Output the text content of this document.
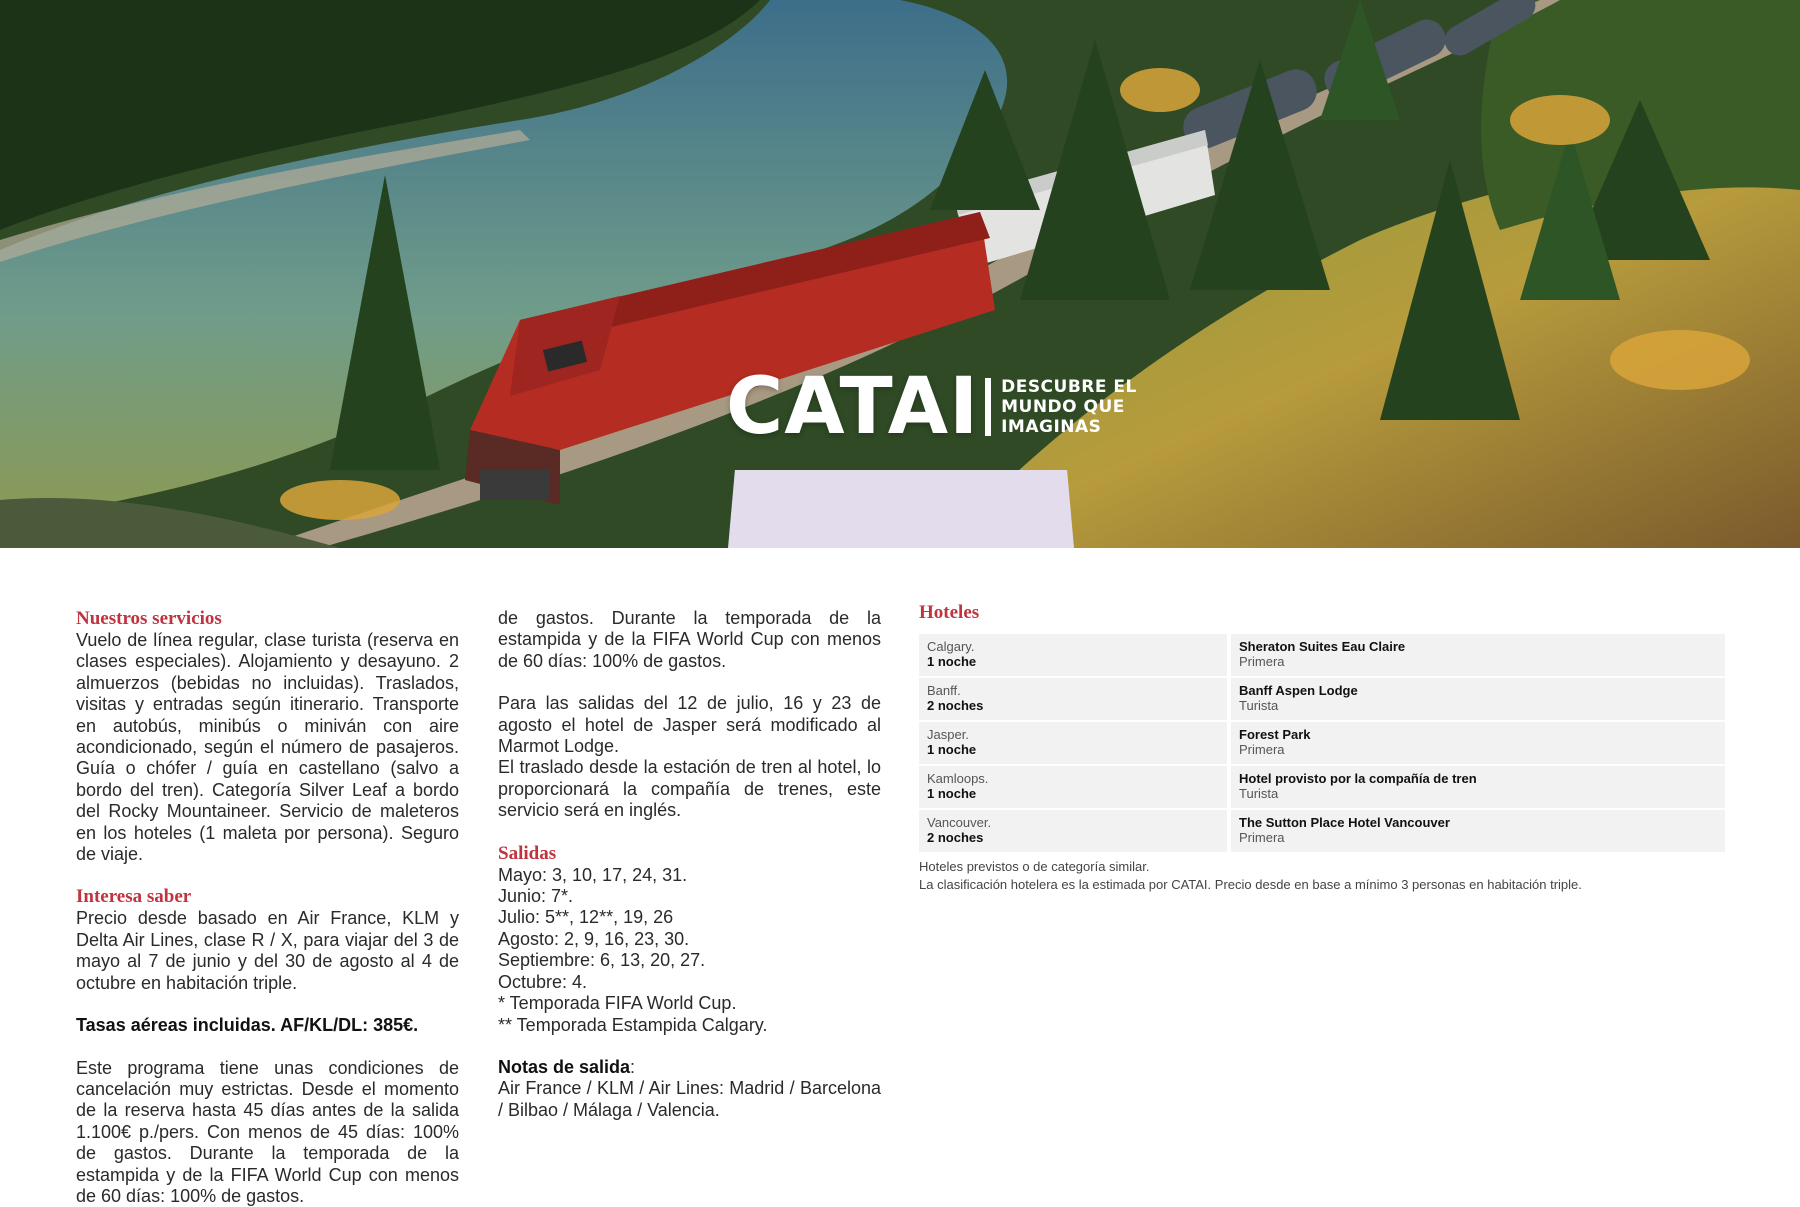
CATAI DESCUBRE EL
MUNDO QUE
IMAGINAS

Nuestros servicios

Vuelo de línea regular, clase turista (reserva en clases especiales). Alojamiento y desayuno. 2 almuerzos (bebidas no incluidas). Traslados, visitas y entradas según itinerario. Transporte en autobús, minibús o miniván con aire acondicionado, según el número de pasajeros. Guía o chófer / guía en castellano (salvo a bordo del tren). Categoría Silver Leaf a bordo del Rocky Mountaineer. Servicio de maleteros en los hoteles (1 maleta por persona). Seguro de viaje.

Interesa saber

Precio desde basado en Air France, KLM y Delta Air Lines, clase R / X, para viajar del 3 de mayo al 7 de junio y del 30 de agosto al 4 de octubre en habitación triple.

Tasas aéreas incluidas. AF/KL/DL: 385€.

Este programa tiene unas condiciones de cancelación muy estrictas. Desde el momento de la reserva hasta 45 días antes de la salida 1.100€ p./pers. Con menos de 45 días: 100% de gastos. Durante la temporada de la estampida y de la FIFA World Cup con menos de 60 días: 100% de gastos.

de gastos. Durante la temporada de la estampida y de la FIFA World Cup con menos de 60 días: 100% de gastos.

Para las salidas del 12 de julio, 16 y 23 de agosto el hotel de Jasper será modificado al Marmot Lodge.

El traslado desde la estación de tren al hotel, lo proporcionará la compañía de trenes, este servicio será en inglés.

Salidas

Mayo: 3, 10, 17, 24, 31.

Junio: 7*.

Julio: 5**, 12**, 19, 26

Agosto: 2, 9, 16, 23, 30.

Septiembre: 6, 13, 20, 27.

Octubre: 4.

* Temporada FIFA World Cup.

** Temporada Estampida Calgary.

Notas de salida:

Air France / KLM / Air Lines: Madrid / Barcelona / Bilbao / Málaga / Valencia.

Hoteles

Calgary.
1 noche
Sheraton Suites Eau Claire
Primera
Banff.
2 noches
Banff Aspen Lodge
Turista
Jasper.
1 noche
Forest Park
Primera
Kamloops.
1 noche
Hotel provisto por la compañía de tren
Turista
Vancouver.
2 noches
The Sutton Place Hotel Vancouver
Primera

Hoteles previstos o de categoría similar.

La clasificación hotelera es la estimada por CATAI. Precio desde en base a mínimo 3 personas en habitación triple.
